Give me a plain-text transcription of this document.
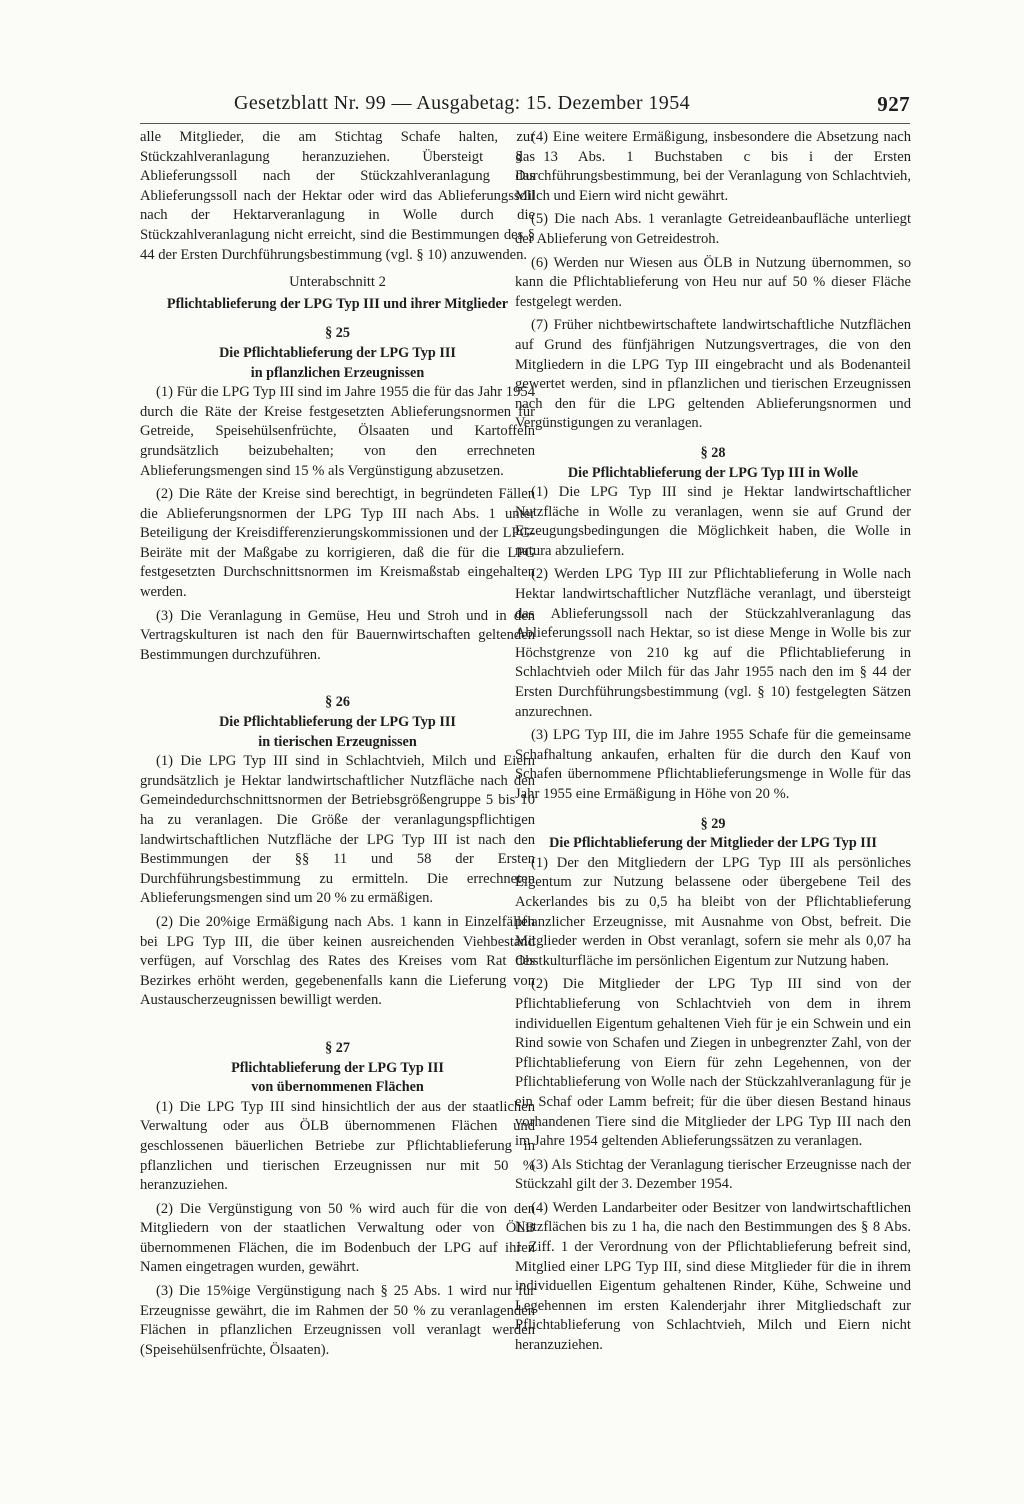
Gesetzblatt Nr. 99 — Ausgabetag: 15. Dezember 1954	927

alle Mitglieder, die am Stichtag Schafe halten, zur Stückzahlveranlagung heranzuziehen. Übersteigt das Ablieferungssoll nach der Stückzahlveranlagung das Ablieferungssoll nach der Hektar oder wird das Ablieferungssoll nach der Hektarveranlagung in Wolle durch die Stückzahlveranlagung nicht erreicht, sind die Bestimmungen des § 44 der Ersten Durchführungsbestimmung (vgl. § 10) anzuwenden.

Unterabschnitt 2
Pflichtablieferung der LPG Typ III und ihrer Mitglieder
§ 25
Die Pflichtablieferung der LPG Typ III
in pflanzlichen Erzeugnissen

(1) Für die LPG Typ III sind im Jahre 1955 die für das Jahr 1954 durch die Räte der Kreise festgesetzten Ablieferungsnormen für Getreide, Speisehülsenfrüchte, Ölsaaten und Kartoffeln grundsätzlich beizubehalten; von den errechneten Ablieferungsmengen sind 15 % als Vergünstigung abzusetzen.

(2) Die Räte der Kreise sind berechtigt, in begründeten Fällen die Ablieferungsnormen der LPG Typ III nach Abs. 1 unter Beteiligung der Kreisdifferenzierungskommissionen und der LPG-Beiräte mit der Maßgabe zu korrigieren, daß die für die LPG festgesetzten Durchschnittsnormen im Kreismaßstab eingehalten werden.

(3) Die Veranlagung in Gemüse, Heu und Stroh und in den Vertragskulturen ist nach den für Bauernwirtschaften geltenden Bestimmungen durchzuführen.

§ 26
Die Pflichtablieferung der LPG Typ III
in tierischen Erzeugnissen

(1) Die LPG Typ III sind in Schlachtvieh, Milch und Eiern grundsätzlich je Hektar landwirtschaftlicher Nutzfläche nach den Gemeindedurchschnittsnormen der Betriebsgrößengruppe 5 bis 10 ha zu veranlagen. Die Größe der veranlagungspflichtigen landwirtschaftlichen Nutzfläche der LPG Typ III ist nach den Bestimmungen der §§ 11 und 58 der Ersten Durchführungsbestimmung zu ermitteln. Die errechneten Ablieferungsmengen sind um 20 % zu ermäßigen.

(2) Die 20%ige Ermäßigung nach Abs. 1 kann in Einzelfällen bei LPG Typ III, die über keinen ausreichenden Viehbestand verfügen, auf Vorschlag des Rates des Kreises vom Rat des Bezirkes erhöht werden, gegebenenfalls kann die Lieferung von Austauscherzeugnissen bewilligt werden.

§ 27
Pflichtablieferung der LPG Typ III
von übernommenen Flächen

(1) Die LPG Typ III sind hinsichtlich der aus der staatlichen Verwaltung oder aus ÖLB übernommenen Flächen und geschlossenen bäuerlichen Betriebe zur Pflichtablieferung in pflanzlichen und tierischen Erzeugnissen nur mit 50 % heranzuziehen.

(2) Die Vergünstigung von 50 % wird auch für die von den Mitgliedern von der staatlichen Verwaltung oder von ÖLB übernommenen Flächen, die im Bodenbuch der LPG auf ihren Namen eingetragen wurden, gewährt.

(3) Die 15%ige Vergünstigung nach § 25 Abs. 1 wird nur für Erzeugnisse gewährt, die im Rahmen der 50 % zu veranlagenden Flächen in pflanzlichen Erzeugnissen voll veranlagt werden (Speisehülsenfrüchte, Ölsaaten).

(4) Eine weitere Ermäßigung, insbesondere die Absetzung nach § 13 Abs. 1 Buchstaben c bis i der Ersten Durchführungsbestimmung, bei der Veranlagung von Schlachtvieh, Milch und Eiern wird nicht gewährt.

(5) Die nach Abs. 1 veranlagte Getreideanbaufläche unterliegt der Ablieferung von Getreidestroh.

(6) Werden nur Wiesen aus ÖLB in Nutzung übernommen, so kann die Pflichtablieferung von Heu nur auf 50 % dieser Fläche festgelegt werden.

(7) Früher nichtbewirtschaftete landwirtschaftliche Nutzflächen auf Grund des fünfjährigen Nutzungsvertrages, die von den Mitgliedern in die LPG Typ III eingebracht und als Bodenanteil gewertet werden, sind in pflanzlichen und tierischen Erzeugnissen nach den für die LPG geltenden Ablieferungsnormen und Vergünstigungen zu veranlagen.

§ 28
Die Pflichtablieferung der LPG Typ III in Wolle

(1) Die LPG Typ III sind je Hektar landwirtschaftlicher Nutzfläche in Wolle zu veranlagen, wenn sie auf Grund der Erzeugungsbedingungen die Möglichkeit haben, die Wolle in natura abzuliefern.

(2) Werden LPG Typ III zur Pflichtablieferung in Wolle nach Hektar landwirtschaftlicher Nutzfläche veranlagt, und übersteigt das Ablieferungssoll nach der Stückzahlveranlagung das Ablieferungssoll nach Hektar, so ist diese Menge in Wolle bis zur Höchstgrenze von 210 kg auf die Pflichtablieferung in Schlachtvieh oder Milch für das Jahr 1955 nach den im § 44 der Ersten Durchführungsbestimmung (vgl. § 10) festgelegten Sätzen anzurechnen.

(3) LPG Typ III, die im Jahre 1955 Schafe für die gemeinsame Schafhaltung ankaufen, erhalten für die durch den Kauf von Schafen übernommene Pflichtablieferungsmenge in Wolle für das Jahr 1955 eine Ermäßigung in Höhe von 20 %.

§ 29
Die Pflichtablieferung der Mitglieder der LPG Typ III

(1) Der den Mitgliedern der LPG Typ III als persönliches Eigentum zur Nutzung belassene oder übergebene Teil des Ackerlandes bis zu 0,5 ha bleibt von der Pflichtablieferung pflanzlicher Erzeugnisse, mit Ausnahme von Obst, befreit. Die Mitglieder werden in Obst veranlagt, sofern sie mehr als 0,07 ha Obstkulturfläche im persönlichen Eigentum zur Nutzung haben.

(2) Die Mitglieder der LPG Typ III sind von der Pflichtablieferung von Schlachtvieh von dem in ihrem individuellen Eigentum gehaltenen Vieh für je ein Schwein und ein Rind sowie von Schafen und Ziegen in unbegrenzter Zahl, von der Pflichtablieferung von Eiern für zehn Legehennen, von der Pflichtablieferung von Wolle nach der Stückzahlveranlagung für je ein Schaf oder Lamm befreit; für die über diesen Bestand hinaus vorhandenen Tiere sind die Mitglieder der LPG Typ III nach den im Jahre 1954 geltenden Ablieferungssätzen zu veranlagen.

(3) Als Stichtag der Veranlagung tierischer Erzeugnisse nach der Stückzahl gilt der 3. Dezember 1954.

(4) Werden Landarbeiter oder Besitzer von landwirtschaftlichen Nutzflächen bis zu 1 ha, die nach den Bestimmungen des § 8 Abs. 1 Ziff. 1 der Verordnung von der Pflichtablieferung befreit sind, Mitglied einer LPG Typ III, sind diese Mitglieder für die in ihrem individuellen Eigentum gehaltenen Rinder, Kühe, Schweine und Legehennen im ersten Kalenderjahr ihrer Mitgliedschaft zur Pflichtablieferung von Schlachtvieh, Milch und Eiern nicht heranzuziehen.
